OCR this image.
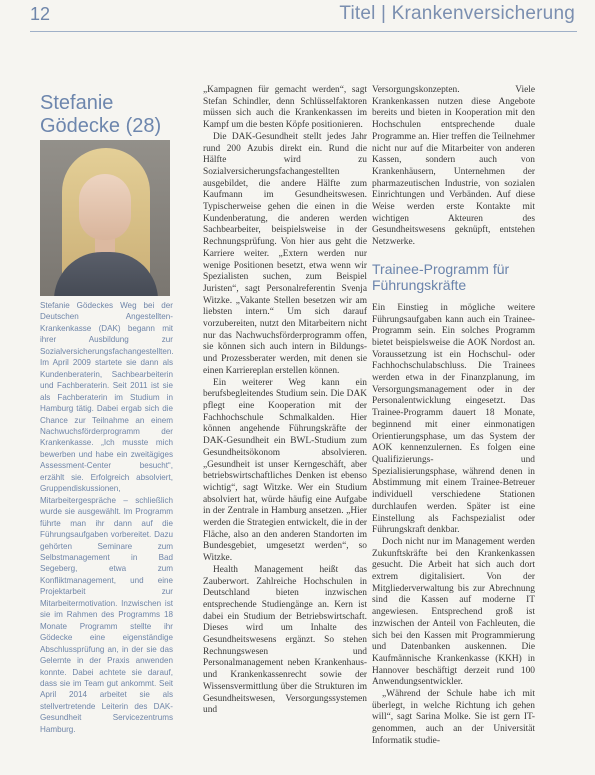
12	Titel | Krankenversicherung
Stefanie Gödecke (28)
Stefanie Gödeckes Weg bei der Deutschen Angestellten-Krankenkasse (DAK) begann mit ihrer Ausbildung zur Sozialversicherungsfachangestellten. Im April 2009 startete sie dann als Kundenberaterin, Sachbearbeiterin und Fachberaterin. Seit 2011 ist sie als Fachberaterin im Studium in Hamburg tätig. Dabei ergab sich die Chance zur Teilnahme an einem Nachwuchsförderprogramm der Krankenkasse. „Ich musste mich bewerben und habe ein zweitägiges Assessment-Center besucht“, erzählt sie. Erfolgreich absolviert, Gruppendiskussionen, Mitarbeitergespräche – schließlich wurde sie ausgewählt. Im Programm führte man ihr dann auf die Führungsaufgaben vorbereitet. Dazu gehörten Seminare zum Selbstmanagement in Bad Segeberg, etwa zum Konfliktmanagement, und eine Projektarbeit zur Mitarbeitermotivation. Inzwischen ist sie im Rahmen des Programms 18 Monate Programm stellte ihr Gödecke eine eigenständige Abschlussprüfung an, in der sie das Gelernte in der Praxis anwenden konnte. Dabei achtete sie darauf, dass sie im Team gut ankommt. Seit April 2014 arbeitet sie als stellvertretende Leiterin des DAK-Gesundheit Servicezentrums Hamburg.

„Kampagnen für gemacht werden“, sagt Stefan Schindler, denn Schlüsselfaktoren müssen sich auch die Krankenkassen im Kampf um die besten Köpfe positionieren.

Die DAK-Gesundheit stellt jedes Jahr rund 200 Azubis direkt ein. Rund die Hälfte wird zu Sozialversicherungsfachangestellten ausgebildet, die andere Hälfte zum Kaufmann im Gesundheitswesen. Typischerweise gehen die einen in die Kundenberatung, die anderen werden Sachbearbeiter, beispielsweise in der Rechnungsprüfung. Von hier aus geht die Karriere weiter. „Extern werden nur wenige Positionen besetzt, etwa wenn wir Spezialisten suchen, zum Beispiel Juristen“, sagt Personalreferentin Svenja Witzke. „Vakante Stellen besetzen wir am liebsten intern.“ Um sich darauf vorzubereiten, nutzt den Mitarbeitern nicht nur das Nachwuchsförderprogramm offen, sie können sich auch intern in Bildungs- und Prozessberater werden, mit denen sie einen Karriereplan erstellen können.

Ein weiterer Weg kann ein berufsbegleitendes Studium sein. Die DAK pflegt eine Kooperation mit der Fachhochschule Schmalkalden. Hier können angehende Führungskräfte der DAK-Gesundheit ein BWL-Studium zum Gesundheitsökonom absolvieren. „Gesundheit ist unser Kerngeschäft, aber betriebswirtschaftliches Denken ist ebenso wichtig“, sagt Witzke. Wer ein Studium absolviert hat, würde häufig eine Aufgabe in der Zentrale in Hamburg ansetzen. „Hier werden die Strategien entwickelt, die in der Fläche, also an den anderen Standorten im Bundesgebiet, umgesetzt werden“, so Witzke.

Health Management heißt das Zauberwort. Zahlreiche Hochschulen in Deutschland bieten inzwischen entsprechende Studiengänge an. Kern ist dabei ein Studium der Betriebswirtschaft. Dieses wird um Inhalte des Gesundheitswesens ergänzt. So stehen Rechnungswesen und Personalmanagement neben Krankenhaus- und Krankenkassenrecht sowie der Wissensvermittlung über die Strukturen im Gesundheitswesen, Versorgungssystemen und

Versorgungskonzepten. Viele Krankenkassen nutzen diese Angebote bereits und bieten in Kooperation mit den Hochschulen entsprechende duale Programme an. Hier treffen die Teilnehmer nicht nur auf die Mitarbeiter von anderen Kassen, sondern auch von Krankenhäusern, Unternehmen der pharmazeutischen Industrie, von sozialen Einrichtungen und Verbänden. Auf diese Weise werden erste Kontakte mit wichtigen Akteuren des Gesundheitswesens geknüpft, entstehen Netzwerke.

Trainee-Programm für Führungskräfte

Ein Einstieg in mögliche weitere Führungsaufgaben kann auch ein Trainee-Programm sein. Ein solches Programm bietet beispielsweise die AOK Nordost an. Voraussetzung ist ein Hochschul- oder Fachhochschulabschluss. Die Trainees werden etwa in der Finanzplanung, im Versorgungsmanagement oder in der Personalentwicklung eingesetzt. Das Trainee-Programm dauert 18 Monate, beginnend mit einer einmonatigen Orientierungsphase, um das System der AOK kennenzulernen. Es folgen eine Qualifizierungs- und Spezialisierungsphase, während denen in Abstimmung mit einem Trainee-Betreuer individuell verschiedene Stationen durchlaufen werden. Später ist eine Einstellung als Fachspezialist oder Führungskraft denkbar.

Doch nicht nur im Management werden Zukunftskräfte bei den Krankenkassen gesucht. Die Arbeit hat sich auch dort extrem digitalisiert. Von der Mitgliederverwaltung bis zur Abrechnung sind die Kassen auf moderne IT angewiesen. Entsprechend groß ist inzwischen der Anteil von Fachleuten, die sich bei den Kassen mit Programmierung und Datenbanken auskennen. Die Kaufmännische Krankenkasse (KKH) in Hannover beschäftigt derzeit rund 100 Anwendungsentwickler.

„Während der Schule habe ich mit überlegt, in welche Richtung ich gehen will“, sagt Sarina Molke. Sie ist gern IT-genommen, auch an der Universität Informatik studie-
